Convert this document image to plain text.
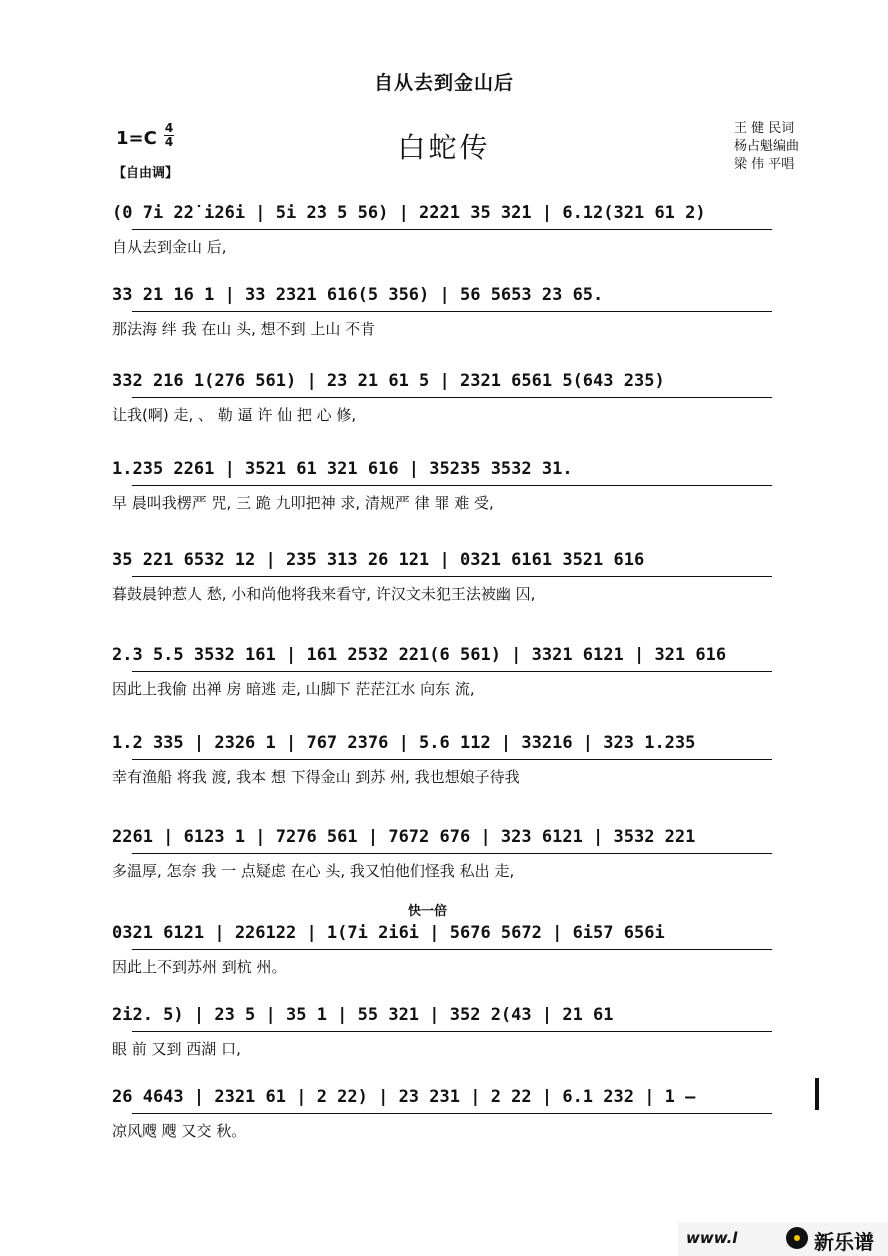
自从去到金山后
白蛇传
1=C 4
4
【自由调】
王 健 民词
杨占魁编曲
梁 伟 平唱
(0 7i 2̇2̇ i2̇6i | 5i 2̇3 5 56) | 2̇2̇2̇1 35 3̇2̇1 | 6.12(321 61 2)
自从去到金山 后,
33 21 16 1 | 33 2321 616(5 356) | 56 5653 23 65.
那法海 绊 我 在山 头, 想不到 上山 不肯
332 216 1(276 561) | 23 21 61 5 | 2321 6561 5(643 235)
让我(啊) 走, 、 勒 逼 许 仙 把 心 修,
1.235 2261 | 3521 61 321 616 | 35235 3532 31.
早 晨叫我楞严 咒, 三 跪 九叩把神 求, 清规严 律 罪 难 受,
35 221 6532 12 | 235 313 26 121 | 0321 6161 3521 616
暮鼓晨钟惹人 愁, 小和尚他将我来看守, 许汉文未犯王法被幽 囚,
2.3 5.5 3532 161 | 161 2532 221(6 561) | 3321 6121 | 321 616
因此上我偷 出禅 房 暗逃 走, 山脚下 茫茫江水 向东 流,
1.2 335 | 2326 1 | 767 2376 | 5.6 112 | 33216 | 323 1.235
幸有渔船 将我 渡, 我本 想 下得金山 到苏 州, 我也想娘子待我
2261 | 6123 1 | 7276 561 | 7672 676 | 323 6121 | 3532 221
多温厚, 怎奈 我 一 点疑虑 在心 头, 我又怕他们怪我 私出 走,
0321 6121 | 226122 | 1(7i 2i6i | 5676 5672 | 6i57 656i
因此上不到苏州 到杭 州。
2i2. 5) | 23 5 | 35 1 | 55 321 | 352 2(43 | 21 61
眼 前 又到 西湖 口,
26 4643 | 2321 61 | 2 22) | 23 231 | 2 22 | 6.1 232 | 1 –
凉风飕 飕 又交 秋。
快一倍
www.l	新乐谱
